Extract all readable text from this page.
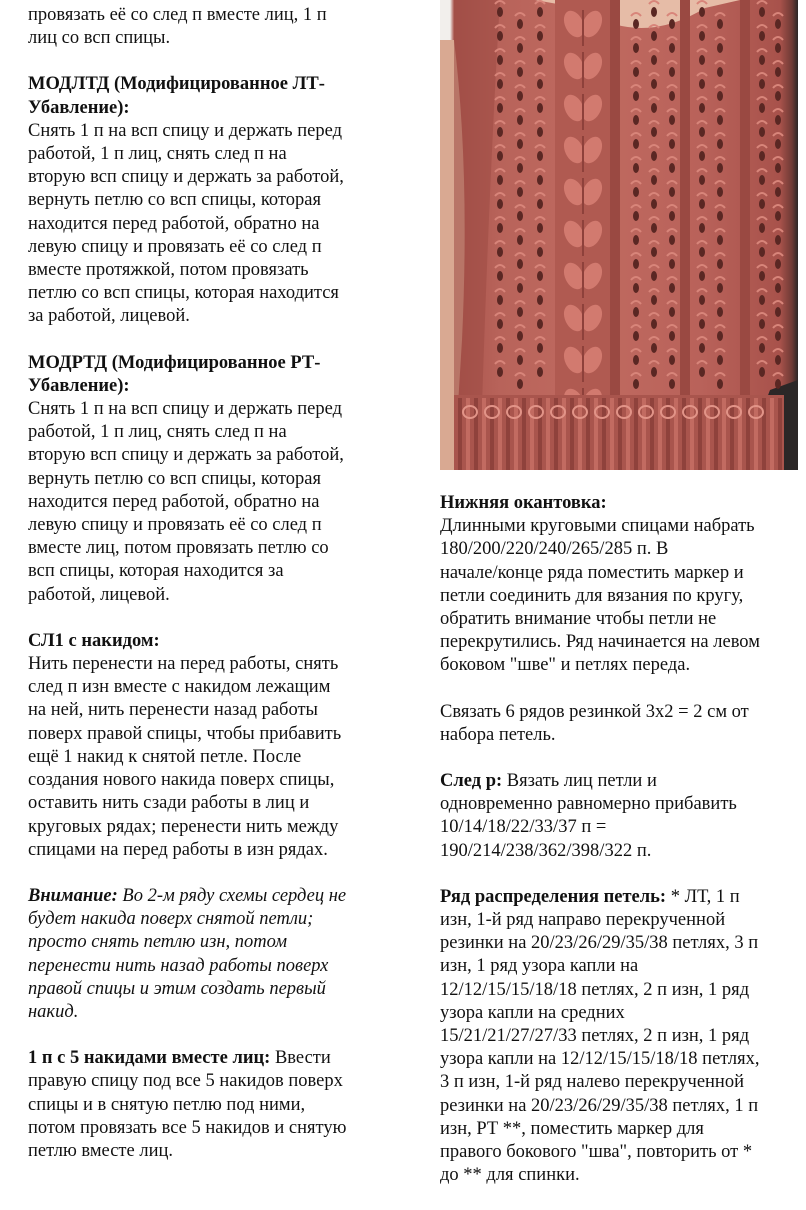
провязать её со след п вместе лиц, 1 п
лиц со всп спицы.
МОДЛТД (Модифицированное ЛТ-
Убавление):
Снять 1 п на всп спицу и держать перед
работой, 1 п лиц, снять след п на
вторую всп спицу и держать за работой,
вернуть петлю со всп спицы, которая
находится перед работой, обратно на
левую спицу и провязать её со след п
вместе протяжкой, потом провязать
петлю со всп спицы, которая находится
за работой, лицевой.
МОДРТД (Модифицированное РТ-
Убавление):
Снять 1 п на всп спицу и держать перед
работой, 1 п лиц, снять след п на
вторую всп спицу и держать за работой,
вернуть петлю со всп спицы, которая
находится перед работой, обратно на
левую спицу и провязать её со след п
вместе лиц, потом провязать петлю со
всп спицы, которая находится за
работой, лицевой.
СЛ1 с накидом:
Нить перенести на перед работы, снять
след п изн вместе с накидом лежащим
на ней, нить перенести назад работы
поверх правой спицы, чтобы прибавить
ещё 1 накид к снятой петле. После
создания нового накида поверх спицы,
оставить нить сзади работы в лиц и
круговых рядах; перенести нить между
спицами на перед работы в изн рядах.
Внимание: Во 2-м ряду схемы сердец не
будет накида поверх снятой петли;
просто снять петлю изн, потом
перенести нить назад работы поверх
правой спицы и этим создать первый
накид.
1 п с 5 накидами вместе лиц: Ввести
правую спицу под все 5 накидов поверх
спицы и в снятую петлю под ними,
потом провязать все 5 накидов и снятую
петлю вместе лиц.
Нижняя окантовка:
Длинными круговыми спицами набрать
180/200/220/240/265/285 п. В
начале/конце ряда поместить маркер и
петли соединить для вязания по кругу,
обратить внимание чтобы петли не
перекрутились. Ряд начинается на левом
боковом "шве" и петлях переда.
Связать 6 рядов резинкой 3х2 = 2 см от
набора петель.
След р: Вязать лиц петли и
одновременно равномерно прибавить
10/14/18/22/33/37 п =
190/214/238/362/398/322 п.
Ряд распределения петель: * ЛТ, 1 п
изн, 1-й ряд направо перекрученной
резинки на 20/23/26/29/35/38 петлях, 3 п
изн, 1 ряд узора капли на
12/12/15/15/18/18 петлях, 2 п изн, 1 ряд
узора капли на средних
15/21/21/27/27/33 петлях, 2 п изн, 1 ряд
узора капли на 12/12/15/15/18/18 петлях,
3 п изн, 1-й ряд налево перекрученной
резинки на 20/23/26/29/35/38 петлях, 1 п
изн, РТ **, поместить маркер для
правого бокового "шва", повторить от *
до ** для спинки.
